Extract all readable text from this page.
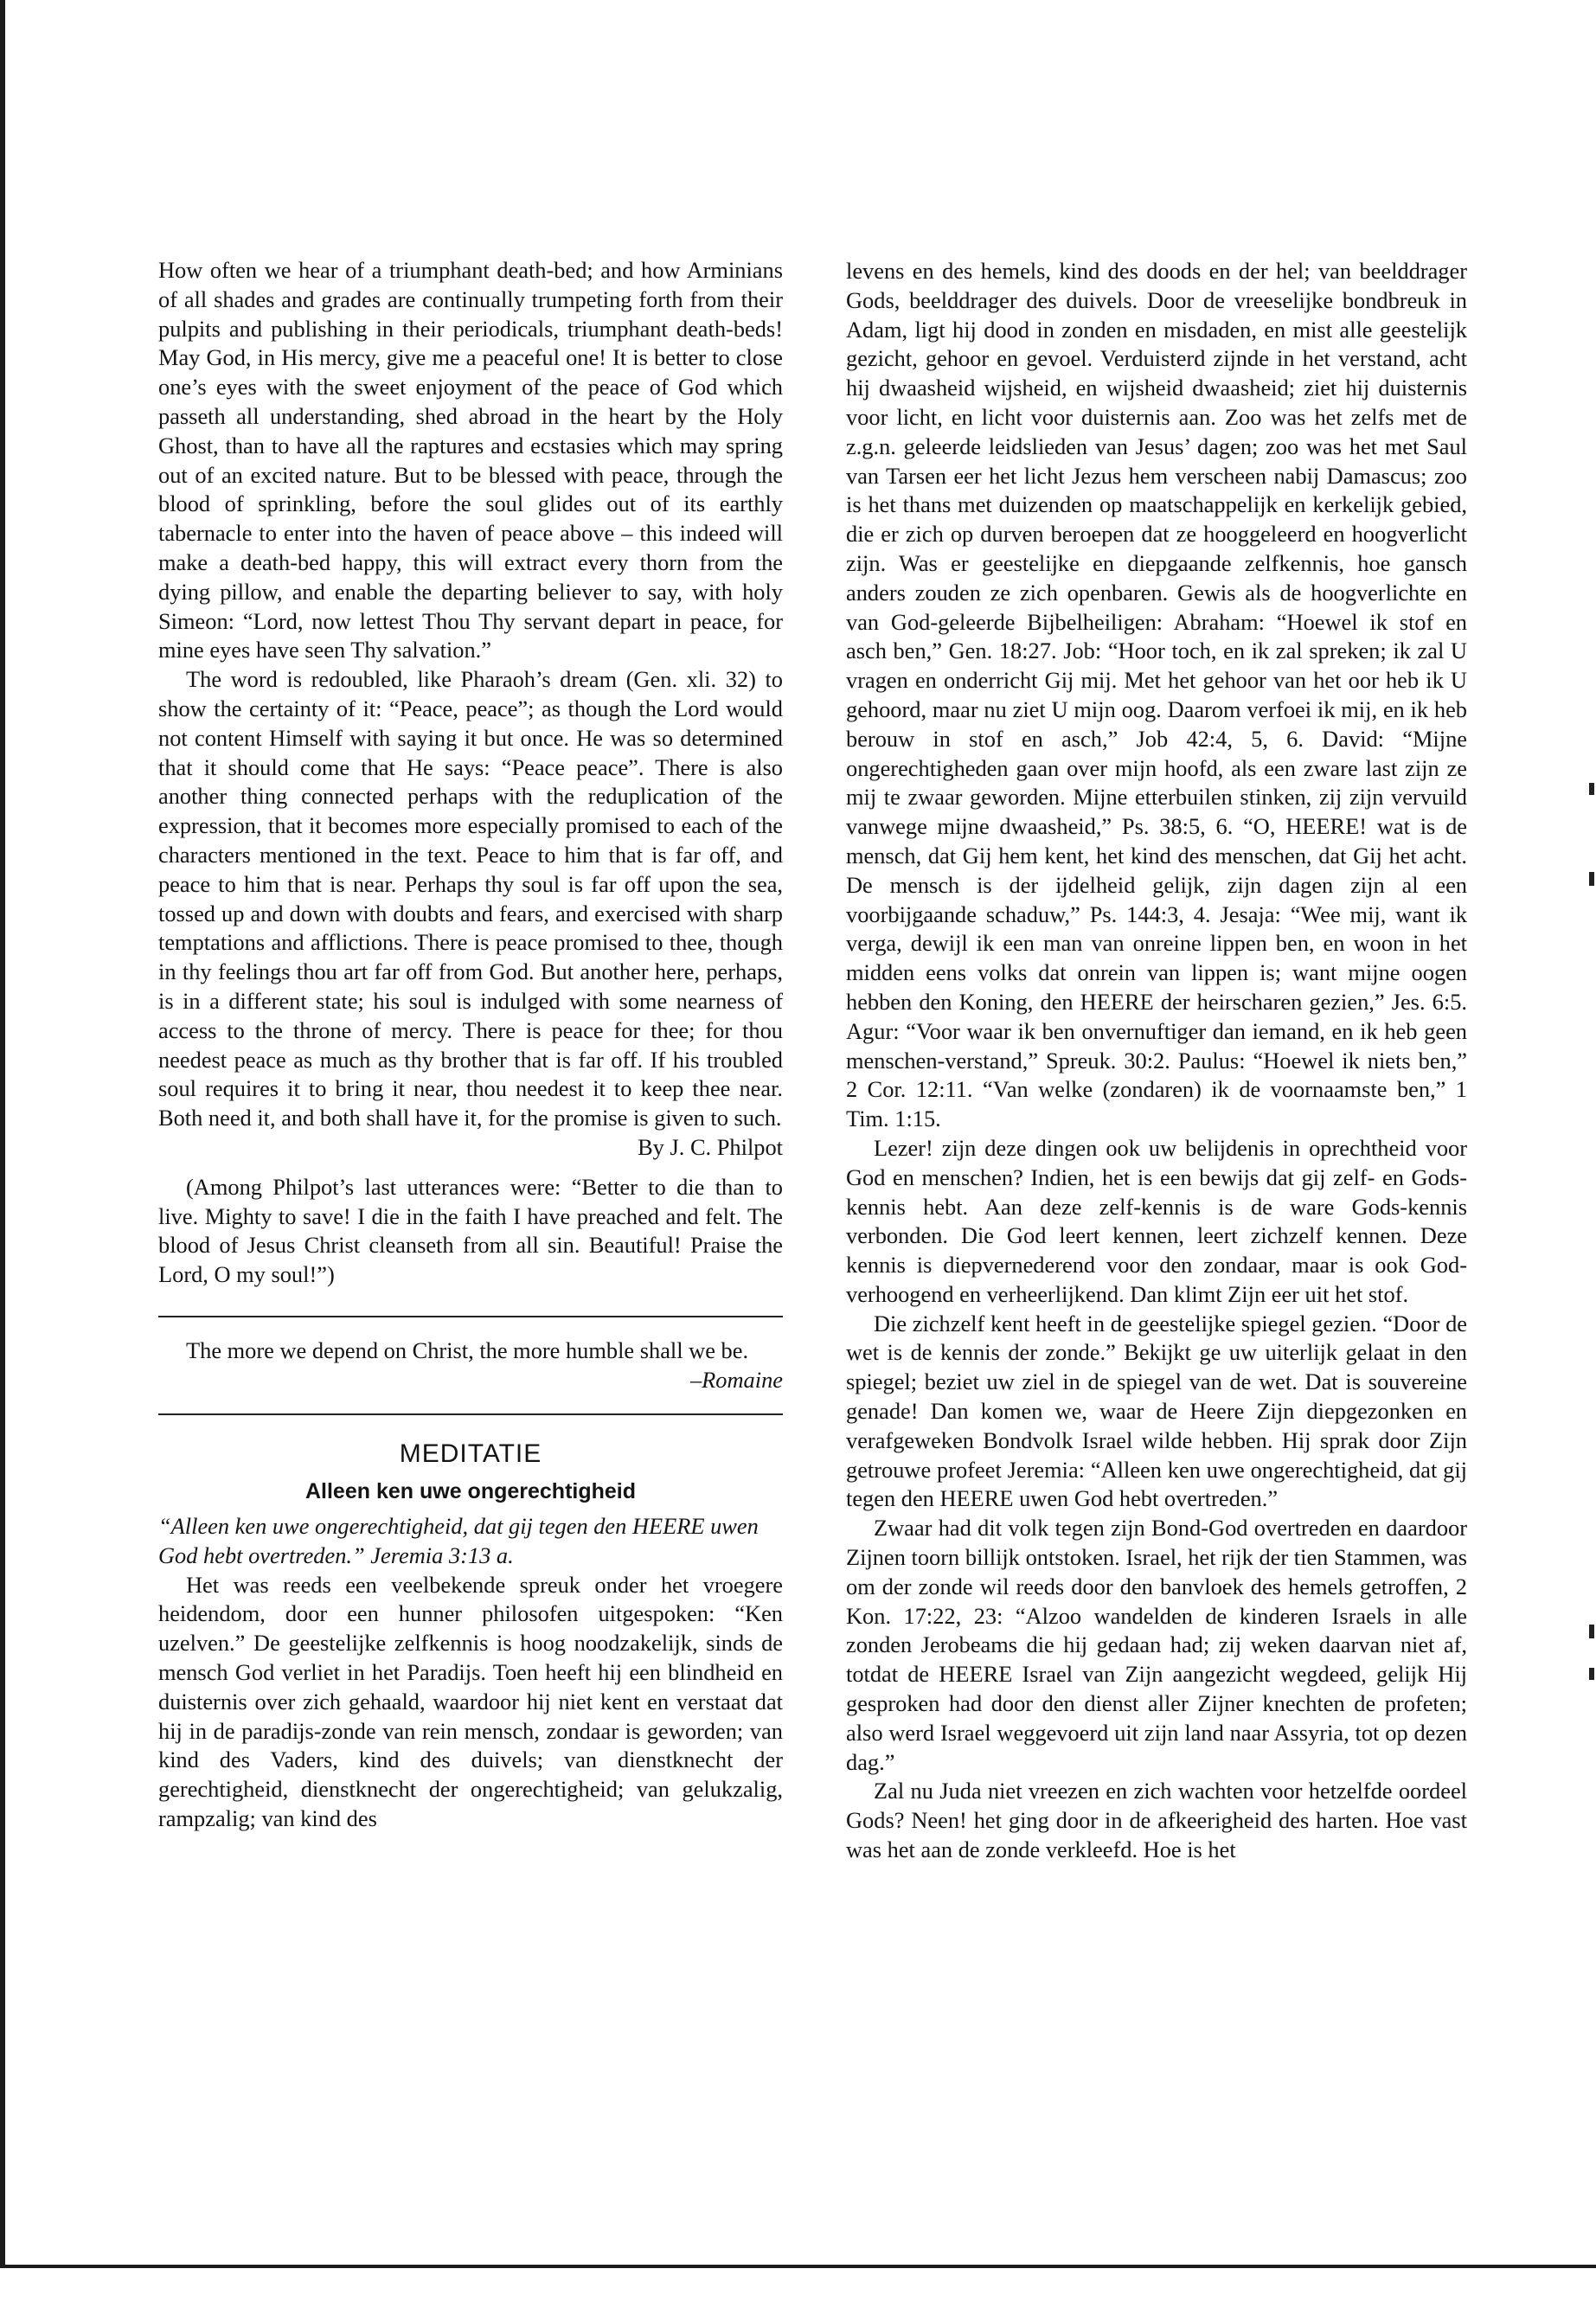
How often we hear of a triumphant death-bed; and how Arminians of all shades and grades are continually trumpeting forth from their pulpits and publishing in their periodicals, triumphant death-beds! May God, in His mercy, give me a peaceful one! It is better to close one’s eyes with the sweet enjoyment of the peace of God which passeth all understanding, shed abroad in the heart by the Holy Ghost, than to have all the raptures and ecstasies which may spring out of an excited nature. But to be blessed with peace, through the blood of sprinkling, before the soul glides out of its earthly tabernacle to enter into the haven of peace above – this indeed will make a death-bed happy, this will extract every thorn from the dying pillow, and enable the departing believer to say, with holy Simeon: “Lord, now lettest Thou Thy servant depart in peace, for mine eyes have seen Thy salvation.”

The word is redoubled, like Pharaoh’s dream (Gen. xli. 32) to show the certainty of it: “Peace, peace”; as though the Lord would not content Himself with saying it but once. He was so determined that it should come that He says: “Peace peace”. There is also another thing connected perhaps with the reduplication of the expression, that it becomes more especially promised to each of the characters mentioned in the text. Peace to him that is far off, and peace to him that is near. Perhaps thy soul is far off upon the sea, tossed up and down with doubts and fears, and exercised with sharp temptations and afflictions. There is peace promised to thee, though in thy feelings thou art far off from God. But another here, perhaps, is in a different state; his soul is indulged with some nearness of access to the throne of mercy. There is peace for thee; for thou needest peace as much as thy brother that is far off. If his troubled soul requires it to bring it near, thou needest it to keep thee near. Both need it, and both shall have it, for the promise is given to such.

By J. C. Philpot

(Among Philpot’s last utterances were: “Better to die than to live. Mighty to save! I die in the faith I have preached and felt. The blood of Jesus Christ cleanseth from all sin. Beautiful! Praise the Lord, O my soul!”)

The more we depend on Christ, the more humble shall we be.

–Romaine

MEDITATIE
Alleen ken uwe ongerechtigheid

“Alleen ken uwe ongerechtigheid, dat gij tegen den HEERE uwen God hebt overtreden.” Jeremia 3:13 a.

Het was reeds een veelbekende spreuk onder het vroegere heidendom, door een hunner philosofen uitgespoken: “Ken uzelven.” De geestelijke zelfkennis is hoog noodzakelijk, sinds de mensch God verliet in het Paradijs. Toen heeft hij een blindheid en duisternis over zich gehaald, waardoor hij niet kent en verstaat dat hij in de paradijs-zonde van rein mensch, zondaar is geworden; van kind des Vaders, kind des duivels; van dienstknecht der gerechtigheid, dienstknecht der ongerechtigheid; van gelukzalig, rampzalig; van kind des

levens en des hemels, kind des doods en der hel; van beelddrager Gods, beelddrager des duivels. Door de vreeselijke bondbreuk in Adam, ligt hij dood in zonden en misdaden, en mist alle geestelijk gezicht, gehoor en gevoel. Verduisterd zijnde in het verstand, acht hij dwaasheid wijsheid, en wijsheid dwaasheid; ziet hij duisternis voor licht, en licht voor duisternis aan. Zoo was het zelfs met de z.g.n. geleerde leidslieden van Jesus’ dagen; zoo was het met Saul van Tarsen eer het licht Jezus hem verscheen nabij Damascus; zoo is het thans met duizenden op maatschappelijk en kerkelijk gebied, die er zich op durven beroepen dat ze hooggeleerd en hoogverlicht zijn. Was er geestelijke en diepgaande zelfkennis, hoe gansch anders zouden ze zich openbaren. Gewis als de hoogverlichte en van God-geleerde Bijbelheiligen: Abraham: “Hoewel ik stof en asch ben,” Gen. 18:27. Job: “Hoor toch, en ik zal spreken; ik zal U vragen en onderricht Gij mij. Met het gehoor van het oor heb ik U gehoord, maar nu ziet U mijn oog. Daarom verfoei ik mij, en ik heb berouw in stof en asch,” Job 42:4, 5, 6. David: “Mijne ongerechtigheden gaan over mijn hoofd, als een zware last zijn ze mij te zwaar geworden. Mijne etterbuilen stinken, zij zijn vervuild vanwege mijne dwaasheid,” Ps. 38:5, 6. “O, HEERE! wat is de mensch, dat Gij hem kent, het kind des menschen, dat Gij het acht. De mensch is der ijdelheid gelijk, zijn dagen zijn al een voorbijgaande schaduw,” Ps. 144:3, 4. Jesaja: “Wee mij, want ik verga, dewijl ik een man van onreine lippen ben, en woon in het midden eens volks dat onrein van lippen is; want mijne oogen hebben den Koning, den HEERE der heirscharen gezien,” Jes. 6:5. Agur: “Voor waar ik ben onvernuftiger dan iemand, en ik heb geen menschen-verstand,” Spreuk. 30:2. Paulus: “Hoewel ik niets ben,” 2 Cor. 12:11. “Van welke (zondaren) ik de voornaamste ben,” 1 Tim. 1:15.

Lezer! zijn deze dingen ook uw belijdenis in oprechtheid voor God en menschen? Indien, het is een bewijs dat gij zelf- en Gods-kennis hebt. Aan deze zelf-kennis is de ware Gods-kennis verbonden. Die God leert kennen, leert zichzelf kennen. Deze kennis is diepvernederend voor den zondaar, maar is ook God-verhoogend en verheerlijkend. Dan klimt Zijn eer uit het stof.

Die zichzelf kent heeft in de geestelijke spiegel gezien. “Door de wet is de kennis der zonde.” Bekijkt ge uw uiterlijk gelaat in den spiegel; beziet uw ziel in de spiegel van de wet. Dat is souvereine genade! Dan komen we, waar de Heere Zijn diepgezonken en verafgeweken Bondvolk Israel wilde hebben. Hij sprak door Zijn getrouwe profeet Jeremia: “Alleen ken uwe ongerechtigheid, dat gij tegen den HEERE uwen God hebt overtreden.”

Zwaar had dit volk tegen zijn Bond-God overtreden en daardoor Zijnen toorn billijk ontstoken. Israel, het rijk der tien Stammen, was om der zonde wil reeds door den banvloek des hemels getroffen, 2 Kon. 17:22, 23: “Alzoo wandelden de kinderen Israels in alle zonden Jerobeams die hij gedaan had; zij weken daarvan niet af, totdat de HEERE Israel van Zijn aangezicht wegdeed, gelijk Hij gesproken had door den dienst aller Zijner knechten de profeten; also werd Israel weggevoerd uit zijn land naar Assyria, tot op dezen dag.”

Zal nu Juda niet vreezen en zich wachten voor hetzelfde oordeel Gods? Neen! het ging door in de afkeerigheid des harten. Hoe vast was het aan de zonde verkleefd. Hoe is het
